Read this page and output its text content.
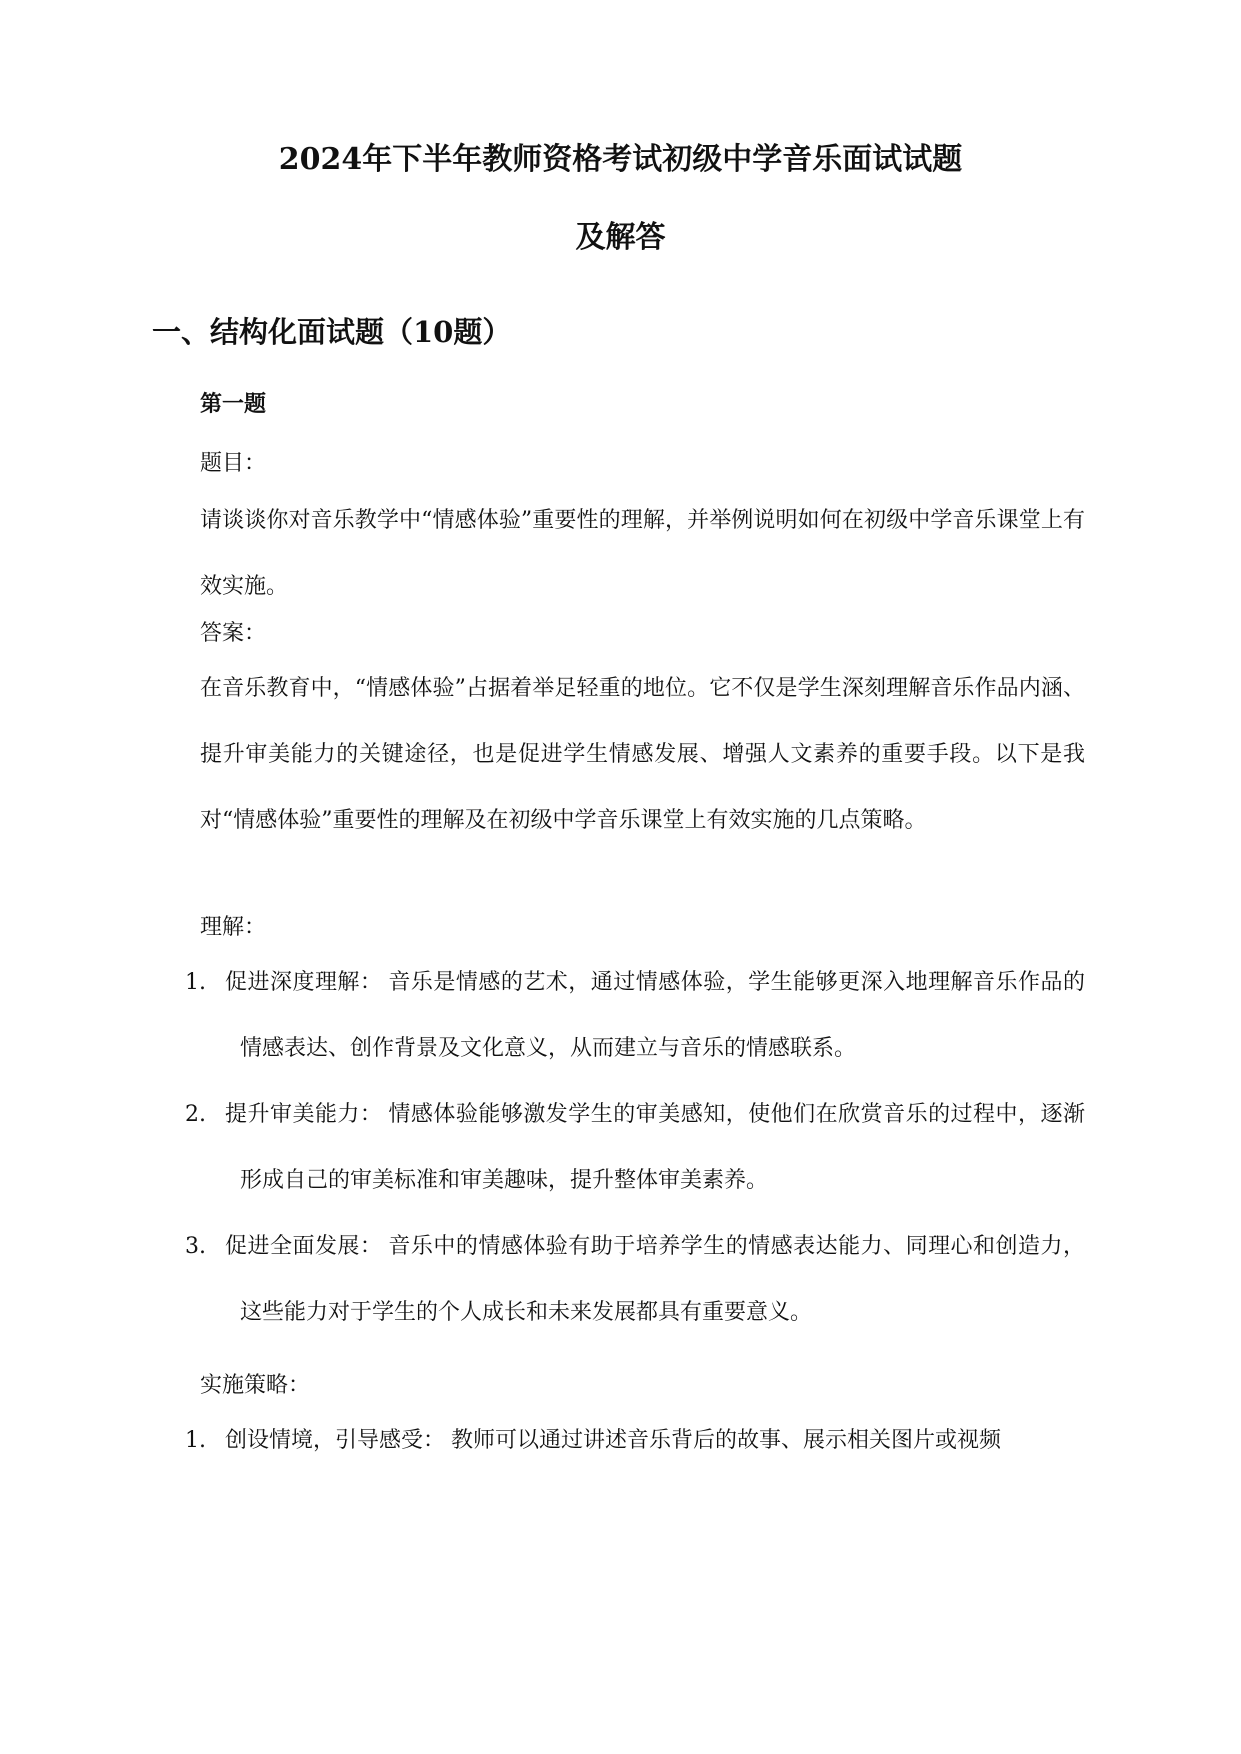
2024年下半年教师资格考试初级中学音乐面试试题
及解答
一、结构化面试题（10题）
第一题
题目：
请谈谈你对音乐教学中“情感体验”重要性的理解，并举例说明如何在初级中学音乐课堂上有效实施。
答案：
在音乐教育中，“情感体验”占据着举足轻重的地位。它不仅是学生深刻理解音乐作品内涵、提升审美能力的关键途径，也是促进学生情感发展、增强人文素养的重要手段。以下是我对“情感体验”重要性的理解及在初级中学音乐课堂上有效实施的几点策略。
理解：
1. 促进深度理解： 音乐是情感的艺术，通过情感体验，学生能够更深入地理解音乐作品的情感表达、创作背景及文化意义，从而建立与音乐的情感联系。
2. 提升审美能力： 情感体验能够激发学生的审美感知，使他们在欣赏音乐的过程中，逐渐形成自己的审美标准和审美趣味，提升整体审美素养。
3. 促进全面发展： 音乐中的情感体验有助于培养学生的情感表达能力、同理心和创造力，这些能力对于学生的个人成长和未来发展都具有重要意义。
实施策略：
1. 创设情境，引导感受： 教师可以通过讲述音乐背后的故事、展示相关图片或视频
